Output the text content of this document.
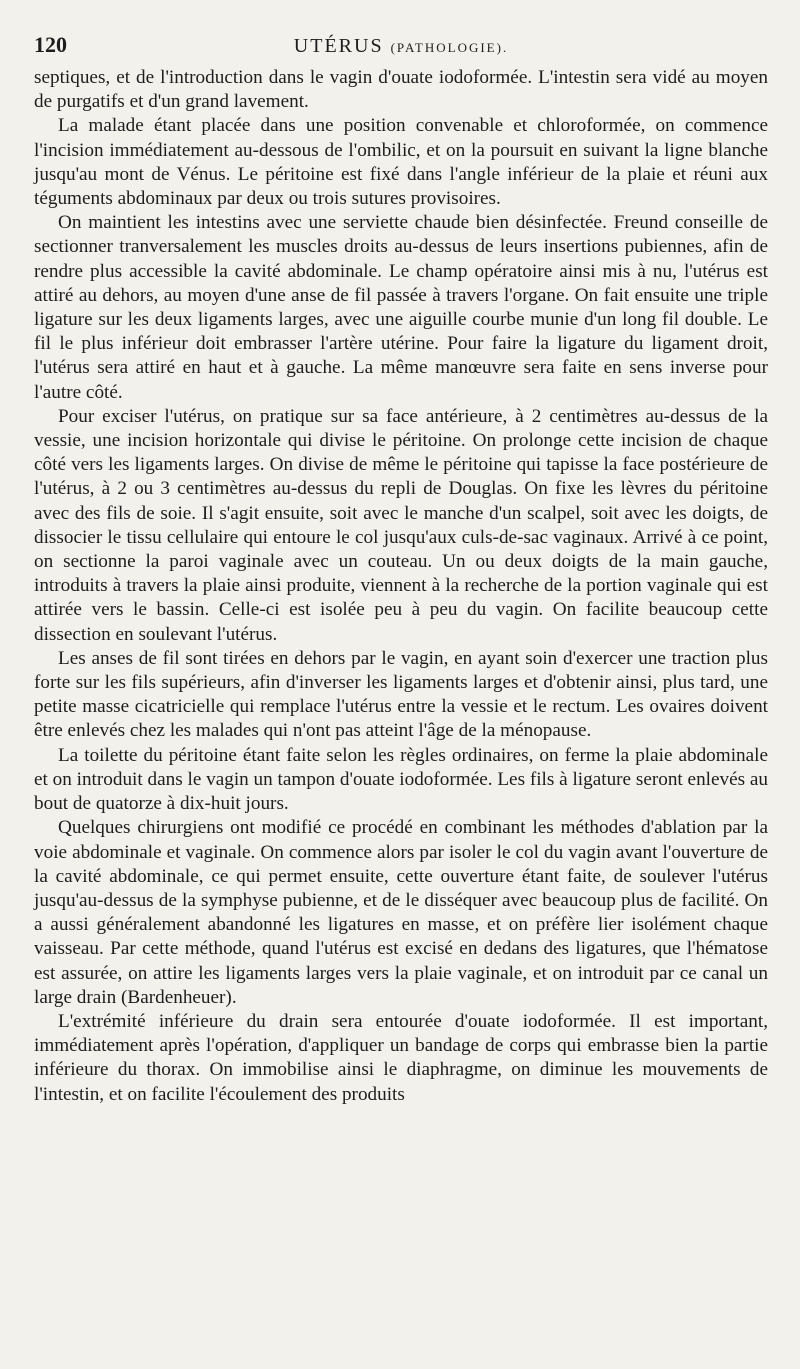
120	UTÉRUS (PATHOLOGIE).

septiques, et de l'introduction dans le vagin d'ouate iodoformée. L'intestin sera vidé au moyen de purgatifs et d'un grand lavement.

La malade étant placée dans une position convenable et chloroformée, on commence l'incision immédiatement au-dessous de l'ombilic, et on la poursuit en suivant la ligne blanche jusqu'au mont de Vénus. Le péritoine est fixé dans l'angle inférieur de la plaie et réuni aux téguments abdominaux par deux ou trois sutures provisoires.

On maintient les intestins avec une serviette chaude bien désinfectée. Freund conseille de sectionner tranversalement les muscles droits au-dessus de leurs insertions pubiennes, afin de rendre plus accessible la cavité abdominale. Le champ opératoire ainsi mis à nu, l'utérus est attiré au dehors, au moyen d'une anse de fil passée à travers l'organe. On fait ensuite une triple ligature sur les deux ligaments larges, avec une aiguille courbe munie d'un long fil double. Le fil le plus inférieur doit embrasser l'artère utérine. Pour faire la ligature du ligament droit, l'utérus sera attiré en haut et à gauche. La même manœuvre sera faite en sens inverse pour l'autre côté.

Pour exciser l'utérus, on pratique sur sa face antérieure, à 2 centimètres au-dessus de la vessie, une incision horizontale qui divise le péritoine. On prolonge cette incision de chaque côté vers les ligaments larges. On divise de même le péritoine qui tapisse la face postérieure de l'utérus, à 2 ou 3 centimètres au-dessus du repli de Douglas. On fixe les lèvres du péritoine avec des fils de soie. Il s'agit ensuite, soit avec le manche d'un scalpel, soit avec les doigts, de dissocier le tissu cellulaire qui entoure le col jusqu'aux culs-de-sac vaginaux. Arrivé à ce point, on sectionne la paroi vaginale avec un couteau. Un ou deux doigts de la main gauche, introduits à travers la plaie ainsi produite, viennent à la recherche de la portion vaginale qui est attirée vers le bassin. Celle-ci est isolée peu à peu du vagin. On facilite beaucoup cette dissection en soulevant l'utérus.

Les anses de fil sont tirées en dehors par le vagin, en ayant soin d'exercer une traction plus forte sur les fils supérieurs, afin d'inverser les ligaments larges et d'obtenir ainsi, plus tard, une petite masse cicatricielle qui remplace l'utérus entre la vessie et le rectum. Les ovaires doivent être enlevés chez les malades qui n'ont pas atteint l'âge de la ménopause.

La toilette du péritoine étant faite selon les règles ordinaires, on ferme la plaie abdominale et on introduit dans le vagin un tampon d'ouate iodoformée. Les fils à ligature seront enlevés au bout de quatorze à dix-huit jours.

Quelques chirurgiens ont modifié ce procédé en combinant les méthodes d'ablation par la voie abdominale et vaginale. On commence alors par isoler le col du vagin avant l'ouverture de la cavité abdominale, ce qui permet ensuite, cette ouverture étant faite, de soulever l'utérus jusqu'au-dessus de la symphyse pubienne, et de le disséquer avec beaucoup plus de facilité. On a aussi généralement abandonné les ligatures en masse, et on préfère lier isolément chaque vaisseau. Par cette méthode, quand l'utérus est excisé en dedans des ligatures, que l'hématose est assurée, on attire les ligaments larges vers la plaie vaginale, et on introduit par ce canal un large drain (Bardenheuer).

L'extrémité inférieure du drain sera entourée d'ouate iodoformée. Il est important, immédiatement après l'opération, d'appliquer un bandage de corps qui embrasse bien la partie inférieure du thorax. On immobilise ainsi le diaphragme, on diminue les mouvements de l'intestin, et on facilite l'écoulement des produits
